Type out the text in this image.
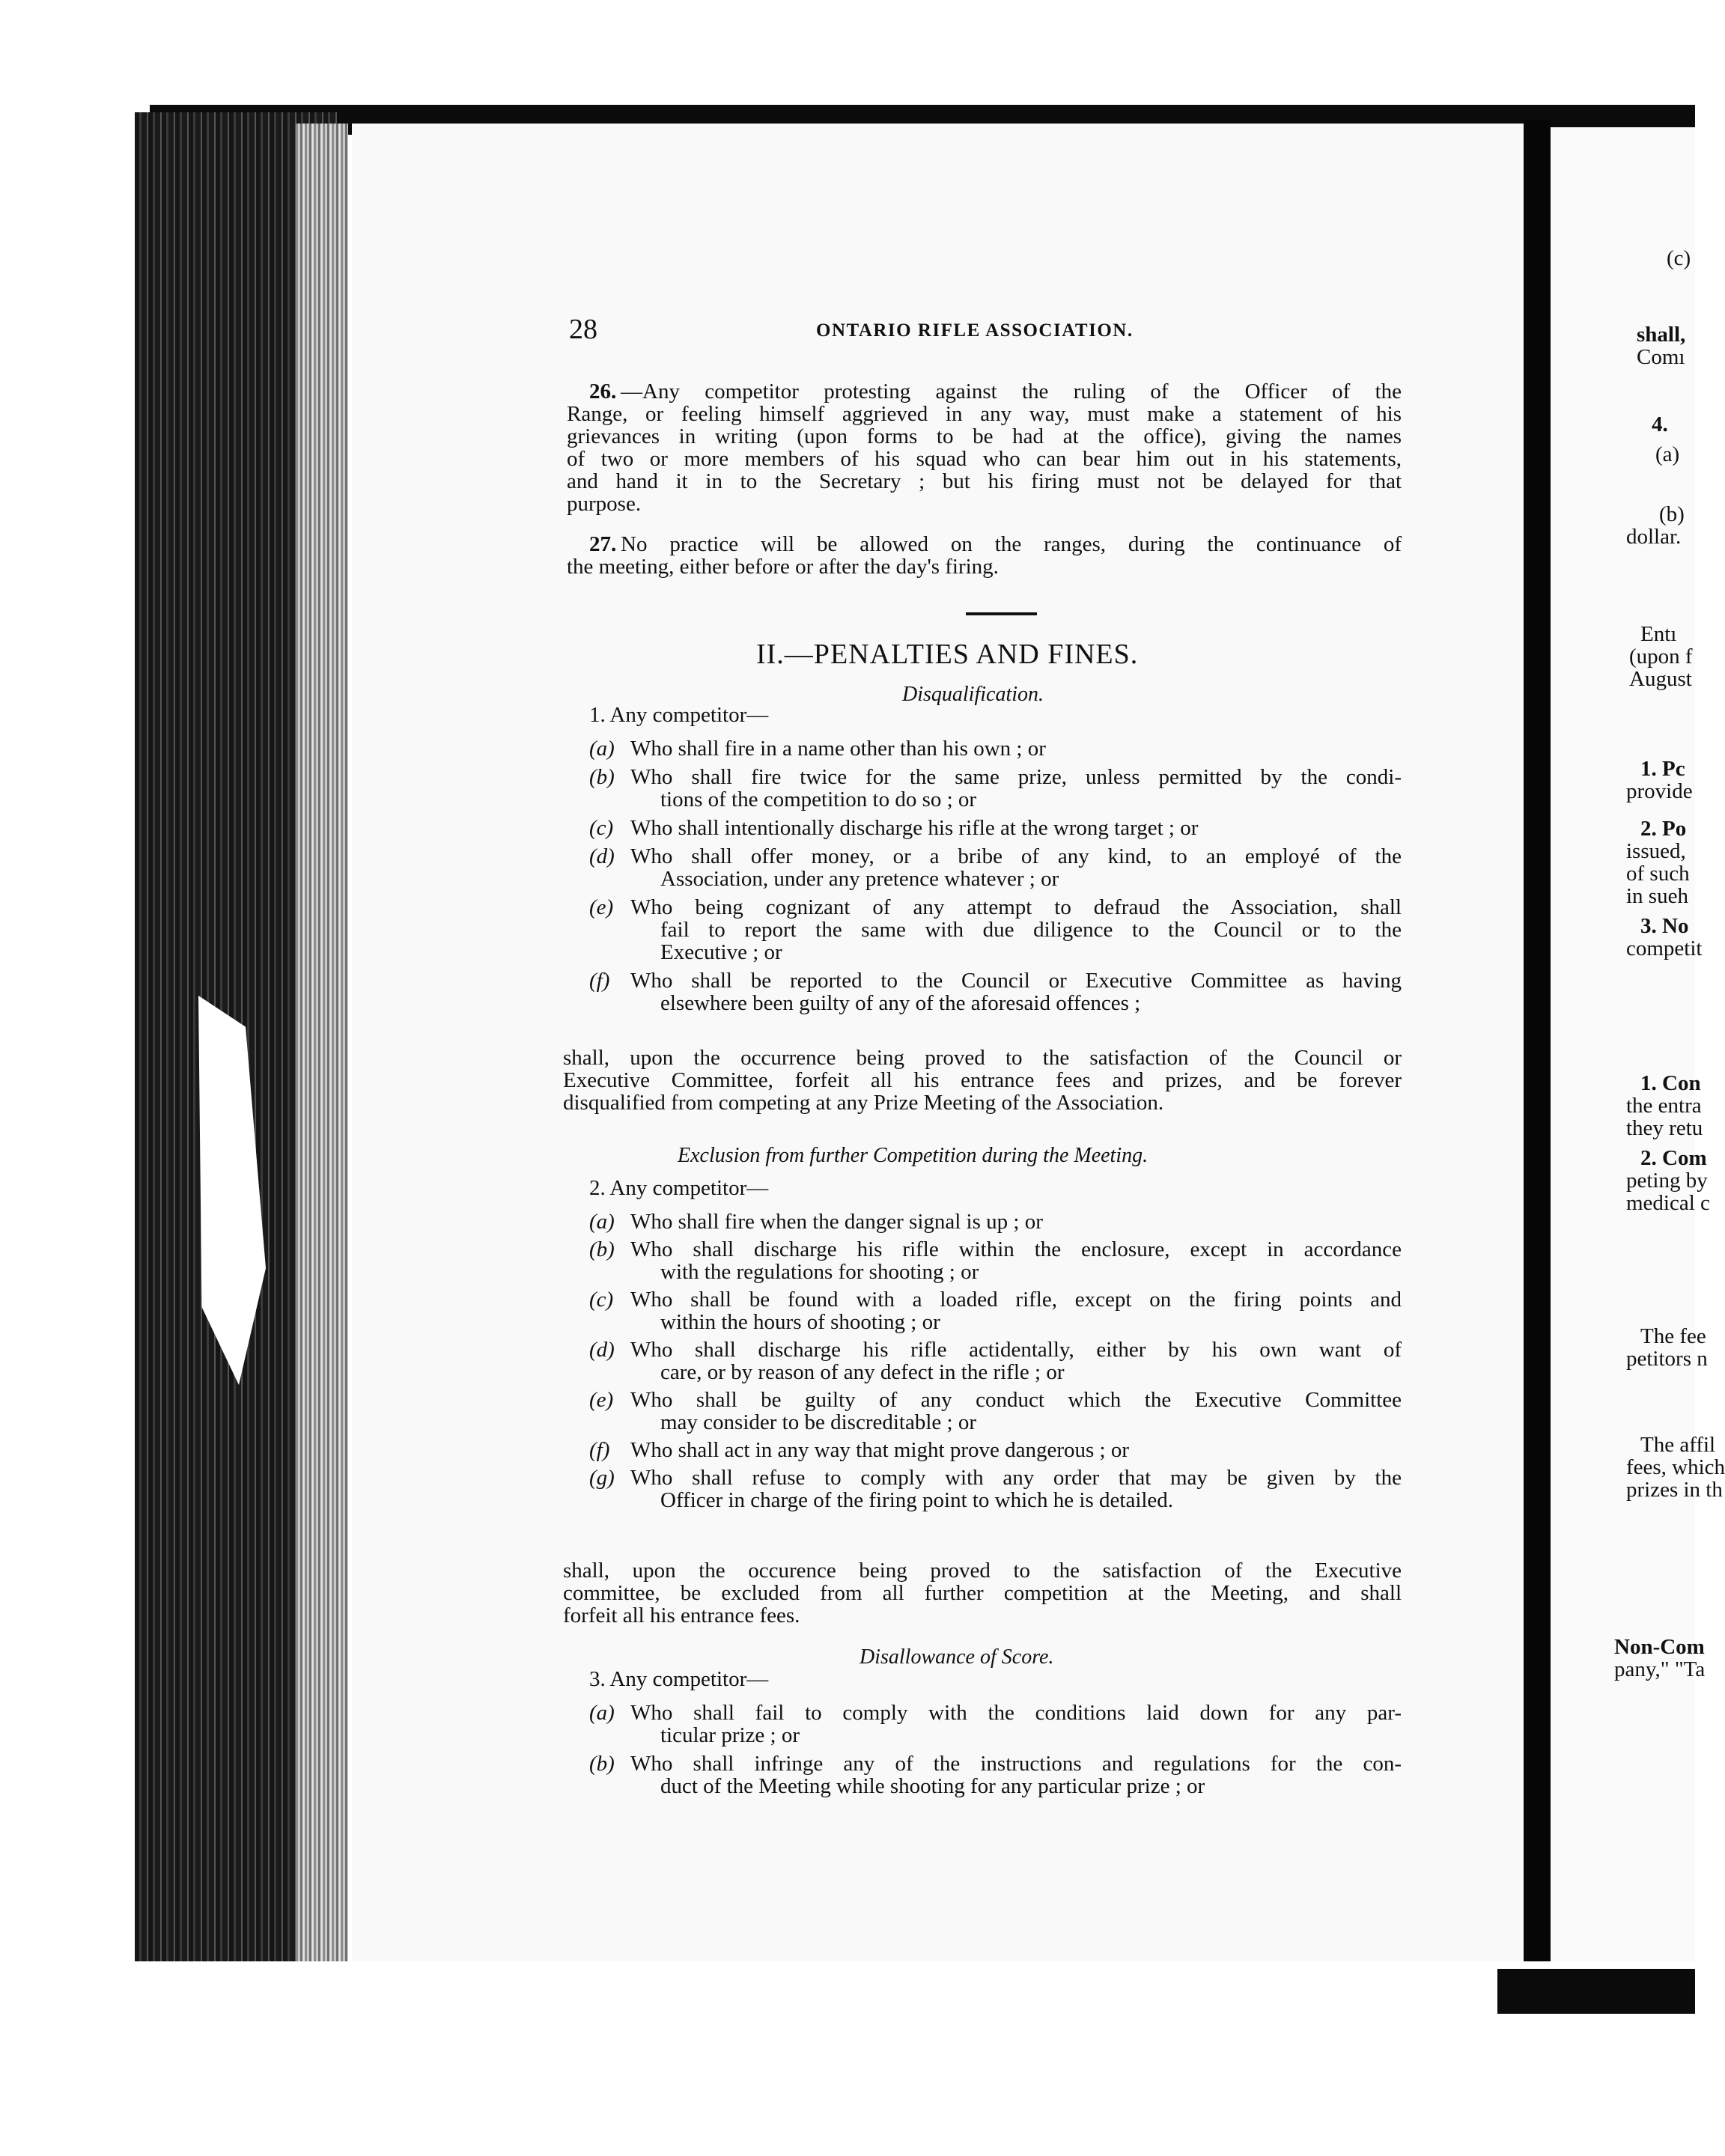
(c)
shall,
Comı
4.
(a)
(b)
dollar.
Entı
(upon f
August
1. Pc
provide
2. Po
issued,
of such
in sueh
3. No
competit
1. Con
the entra
they retu
2. Com
peting by
medical c
The fee
petitors n
The affil
fees, which
prizes in th
Non-Com
pany," "Ta
28	ONTARIO RIFLE ASSOCIATION.
26. —Any competitor protesting against the ruling of the Officer of the
Range, or feeling himself aggrieved in any way, must make a statement of his
grievances in writing (upon forms to be had at the office), giving the names
of two or more members of his squad who can bear him out in his statements,
and hand it in to the Secretary ; but his firing must not be delayed for that
purpose.
27. No practice will be allowed on the ranges, during the continuance of
the meeting, either before or after the day's firing.
II.—PENALTIES AND FINES.
Disqualification.
1. Any competitor—
(a) Who shall fire in a name other than his own ; or
(b) Who shall fire twice for the same prize, unless permitted by the condi-
tions of the competition to do so ; or
(c) Who shall intentionally discharge his rifle at the wrong target ; or
(d) Who shall offer money, or a bribe of any kind, to an employé of the
Association, under any pretence whatever ; or
(e) Who being cognizant of any attempt to defraud the Association, shall
fail to report the same with due diligence to the Council or to the
Executive ; or
(f) Who shall be reported to the Council or Executive Committee as having
elsewhere been guilty of any of the aforesaid offences ;
shall, upon the occurrence being proved to the satisfaction of the Council or
Executive Committee, forfeit all his entrance fees and prizes, and be forever
disqualified from competing at any Prize Meeting of the Association.
Exclusion from further Competition during the Meeting.
2. Any competitor—
(a) Who shall fire when the danger signal is up ; or
(b) Who shall discharge his rifle within the enclosure, except in accordance
with the regulations for shooting ; or
(c) Who shall be found with a loaded rifle, except on the firing points and
within the hours of shooting ; or
(d) Who shall discharge his rifle actidentally, either by his own want of
care, or by reason of any defect in the rifle ; or
(e) Who shall be guilty of any conduct which the Executive Committee
may consider to be discreditable ; or
(f) Who shall act in any way that might prove dangerous ; or
(g) Who shall refuse to comply with any order that may be given by the
Officer in charge of the firing point to which he is detailed.
shall, upon the occurence being proved to the satisfaction of the Executive
committee, be excluded from all further competition at the Meeting, and shall
forfeit all his entrance fees.
Disallowance of Score.
3. Any competitor—
(a) Who shall fail to comply with the conditions laid down for any par-
ticular prize ; or
(b) Who shall infringe any of the instructions and regulations for the con-
duct of the Meeting while shooting for any particular prize ; or
